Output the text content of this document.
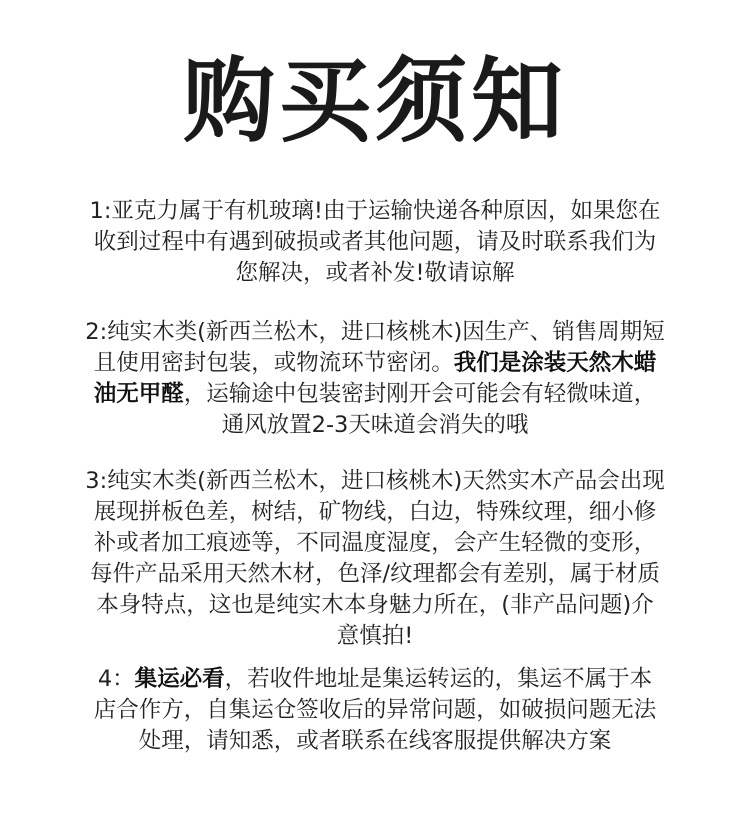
购买须知
1:亚克力属于有机玻璃!由于运输快递各种原因，如果您在
收到过程中有遇到破损或者其他问题，请及时联系我们为
您解决，或者补发!敬请谅解
2:纯实木类(新西兰松木，进口核桃木)因生产、销售周期短
且使用密封包装，或物流环节密闭。我们是涂装天然木蜡
油无甲醛，运输途中包装密封刚开会可能会有轻微味道，
通风放置2-3天味道会消失的哦
3:纯实木类(新西兰松木，进口核桃木)天然实木产品会出现
展现拼板色差，树结，矿物线，白边，特殊纹理，细小修
补或者加工痕迹等，不同温度湿度，会产生轻微的变形，
每件产品采用天然木材，色泽/纹理都会有差别，属于材质
本身特点，这也是纯实木本身魅力所在，(非产品问题)介
意慎拍!
4：集运必看，若收件地址是集运转运的，集运不属于本
店合作方，自集运仓签收后的异常问题，如破损问题无法
处理，请知悉，或者联系在线客服提供解决方案
